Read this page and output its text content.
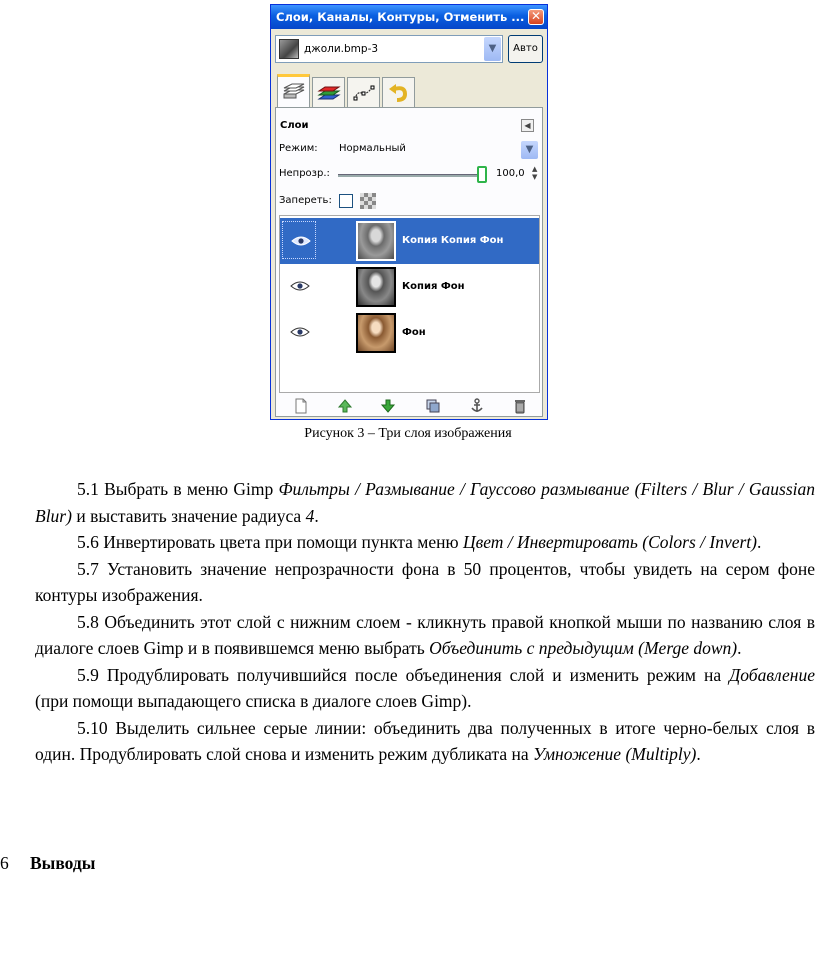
Слои, Каналы, Контуры, Отменить ... ✕
джоли.bmp-3	▼	Авто
Слои	◀
Режим: Нормальный	▼
Непрозр.:	100,0 ▲
▼
Запереть:
Копия Копия Фон
Копия Фон
Фон
Рисунок 3 – Три слоя изображения

5.1 Выбрать в меню Gimp Фильтры / Размывание / Гауссово размывание (Filters / Blur / Gaussian Blur) и выставить значение радиуса 4.

5.6 Инвертировать цвета при помощи пункта меню Цвет / Инвертировать (Colors / Invert).

5.7 Установить значение непрозрачности фона в 50 процентов, чтобы увидеть на сером фоне контуры изображения.

5.8 Объединить этот слой с нижним слоем - кликнуть правой кнопкой мыши по названию слоя в диалоге слоев Gimp и в появившемся меню выбрать Объединить с предыдущим (Merge down).

5.9 Продублировать получившийся после объединения слой и изменить режим на Добавление (при помощи выпадающего списка в диалоге слоев Gimp).

5.10 Выделить сильнее серые линии: объединить два полученных в итоге черно-белых слоя в один. Продублировать слой снова и изменить режим дубликата на Умножение (Multiply).

6 Выводы
